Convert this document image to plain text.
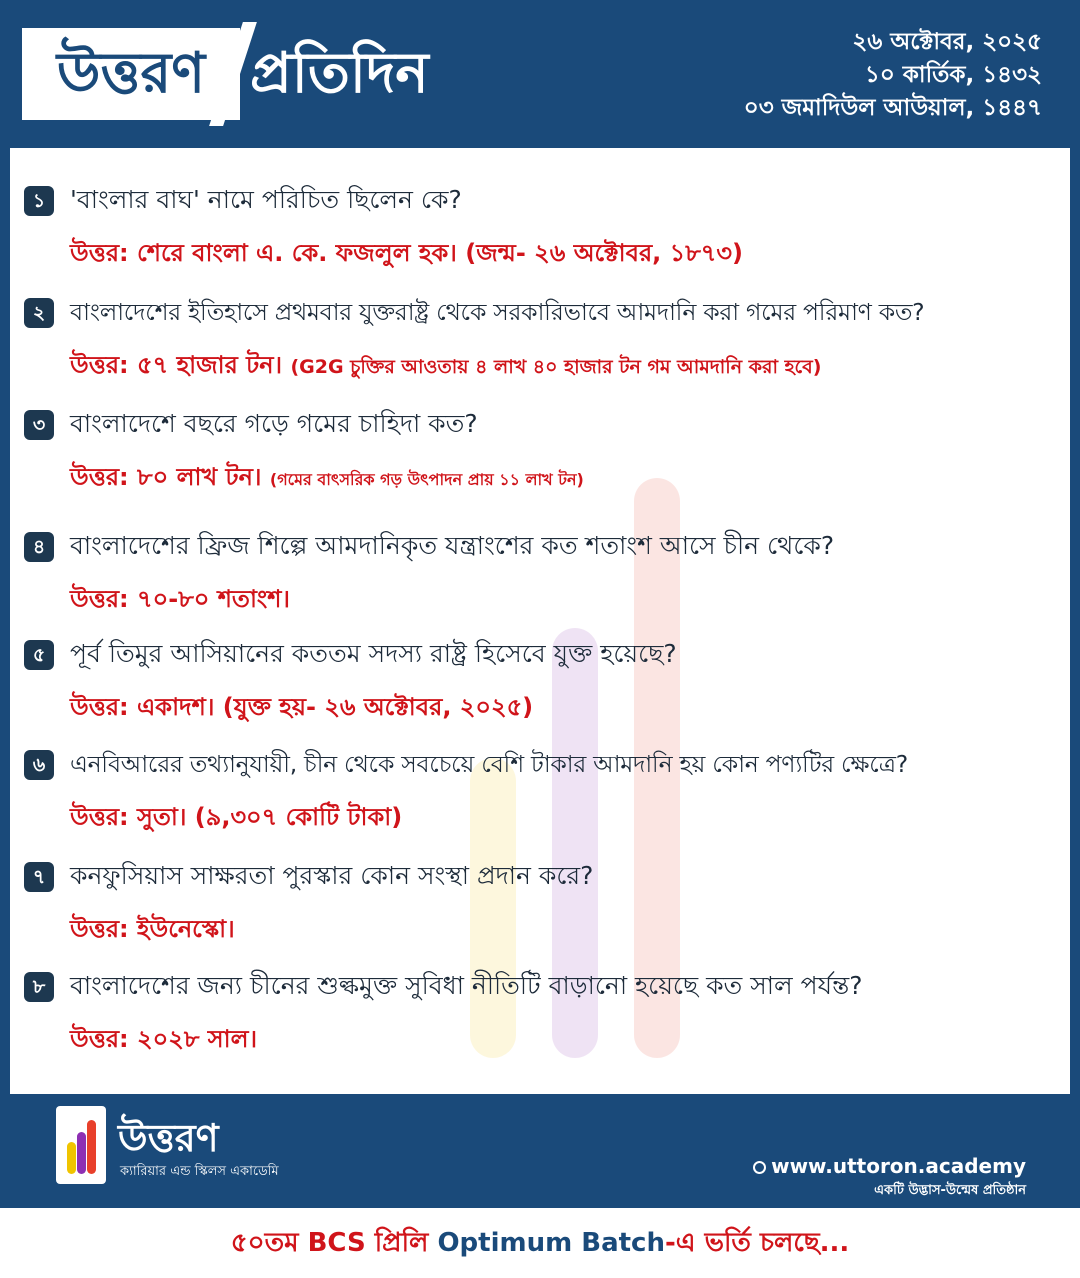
উত্তরণ প্রতিদিন	২৬ অক্টোবর, ২০২৫
১০ কার্তিক, ১৪৩২
০৩ জমাদিউল আউয়াল, ১৪৪৭
১ 'বাংলার বাঘ' নামে পরিচিত ছিলেন কে?
উত্তর: শেরে বাংলা এ. কে. ফজলুল হক। (জন্ম- ২৬ অক্টোবর, ১৮৭৩)
২	বাংলাদেশের ইতিহাসে প্রথমবার যুক্তরাষ্ট্র থেকে সরকারিভাবে আমদানি করা গমের পরিমাণ কত?
উত্তর: ৫৭ হাজার টন। (G2G চুক্তির আওতায় ৪ লাখ ৪০ হাজার টন গম আমদানি করা হবে)
৩ বাংলাদেশে বছরে গড়ে গমের চাহিদা কত?
উত্তর: ৮০ লাখ টন। (গমের বাৎসরিক গড় উৎপাদন প্রায় ১১ লাখ টন)
৪ বাংলাদেশের ফ্রিজ শিল্পে আমদানিকৃত যন্ত্রাংশের কত শতাংশ আসে চীন থেকে?
উত্তর: ৭০-৮০ শতাংশ।
৫ পূর্ব তিমুর আসিয়ানের কততম সদস্য রাষ্ট্র হিসেবে যুক্ত হয়েছে?
উত্তর: একাদশ। (যুক্ত হয়- ২৬ অক্টোবর, ২০২৫)
৬	এনবিআরের তথ্যানুযায়ী, চীন থেকে সবচেয়ে বেশি টাকার আমদানি হয় কোন পণ্যটির ক্ষেত্রে?
উত্তর: সুতা। (৯,৩০৭ কোটি টাকা)
৭ কনফুসিয়াস সাক্ষরতা পুরস্কার কোন সংস্থা প্রদান করে?
উত্তর: ইউনেস্কো।
৮ বাংলাদেশের জন্য চীনের শুল্কমুক্ত সুবিধা নীতিটি বাড়ানো হয়েছে কত সাল পর্যন্ত?
উত্তর: ২০২৮ সাল।
উত্তরণ
ক্যারিয়ার এন্ড স্কিলস একাডেমি	www.uttoron.academy
একটি উদ্ভাস-উন্মেষ প্রতিষ্ঠান
৫০তম BCS প্রিলি Optimum Batch-এ ভর্তি চলছে...
